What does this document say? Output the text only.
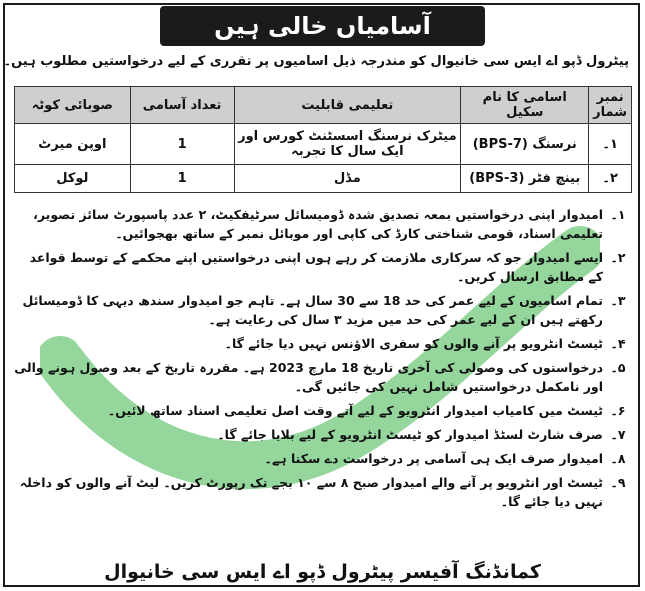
آسامیاں خالی ہیں
پیٹرول ڈپو اے ایس سی خانیوال کو مندرجہ ذیل اسامیوں پر تقرری کے لیے درخواستیں مطلوب ہیں۔
نمبر شمار	اسامی کا نام سکیل	تعلیمی قابلیت	تعداد آسامی	صوبائی کوٹہ
۱۔	نرسنگ (BPS-7)	میٹرک نرسنگ اسسٹنٹ کورس اور ایک سال کا تجربہ	1	اوپن میرٹ
۲۔	بینچ فٹر (BPS-3)	مڈل	1	لوکل
۱۔
امیدوار اپنی درخواستیں بمعہ تصدیق شدہ ڈومیسائل سرٹیفکیٹ، ۲ عدد پاسپورٹ سائز تصویر، تعلیمی اسناد، قومی شناختی کارڈ کی کاپی اور موبائل نمبر کے ساتھ بھجوائیں۔
۲۔
ایسے امیدوار جو کہ سرکاری ملازمت کر رہے ہوں اپنی درخواستیں اپنے محکمے کے توسط قواعد کے مطابق ارسال کریں۔
۳۔
تمام اسامیوں کے لیے عمر کی حد 18 سے 30 سال ہے۔ تاہم جو امیدوار سندھ دیہی کا ڈومیسائل رکھتے ہیں ان کے لیے عمر کی حد میں مزید ۳ سال کی رعایت ہے۔
۴۔
ٹیسٹ انٹرویو پر آنے والوں کو سفری الاؤنس نہیں دیا جائے گا۔
۵۔
درخواستوں کی وصولی کی آخری تاریخ 18 مارچ 2023 ہے۔ مقررہ تاریخ کے بعد وصول ہونے والی اور نامکمل درخواستیں شامل نہیں کی جائیں گی۔
۶۔
ٹیسٹ میں کامیاب امیدوار انٹرویو کے لیے آتے وقت اصل تعلیمی اسناد ساتھ لائیں۔
۷۔
صرف شارٹ لسٹڈ امیدوار کو ٹیسٹ انٹرویو کے لیے بلایا جائے گا۔
۸۔
امیدوار صرف ایک ہی آسامی پر درخواست دے سکتا ہے۔
۹۔
ٹیسٹ اور انٹرویو پر آنے والے امیدوار صبح ۸ سے ۱۰ بجے تک رپورٹ کریں۔ لیٹ آنے والوں کو داخلہ نہیں دیا جائے گا۔
کمانڈنگ آفیسر پیٹرول ڈپو اے ایس سی خانیوال
